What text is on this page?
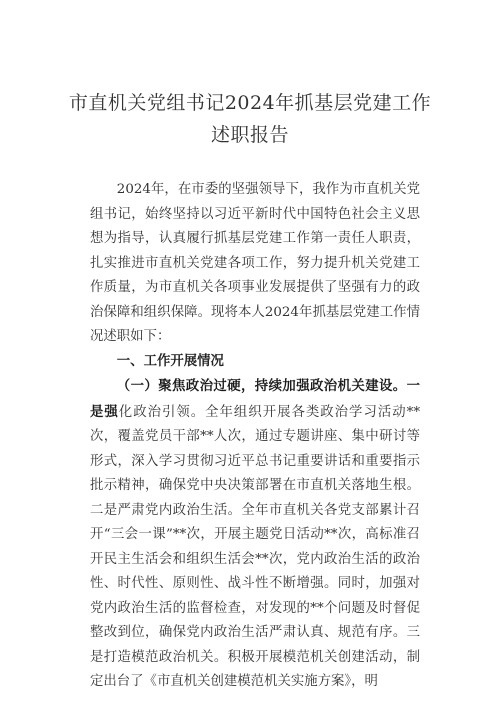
市直机关党组书记2024年抓基层党建工作
述职报告

2024年，在市委的坚强领导下，我作为市直机关党组书记，始终坚持以习近平新时代中国特色社会主义思想为指导，认真履行抓基层党建工作第一责任人职责，扎实推进市直机关党建各项工作，努力提升机关党建工作质量，为市直机关各项事业发展提供了坚强有力的政治保障和组织保障。现将本人2024年抓基层党建工作情况述职如下：

一、工作开展情况

（一）聚焦政治过硬，持续加强政治机关建设。一是强化政治引领。全年组织开展各类政治学习活动**次，覆盖党员干部**人次，通过专题讲座、集中研讨等形式，深入学习贯彻习近平总书记重要讲话和重要指示批示精神，确保党中央决策部署在市直机关落地生根。二是严肃党内政治生活。全年市直机关各党支部累计召开“三会一课”**次，开展主题党日活动**次，高标准召开民主生活会和组织生活会**次，党内政治生活的政治性、时代性、原则性、战斗性不断增强。同时，加强对党内政治生活的监督检查，对发现的**个问题及时督促整改到位，确保党内政治生活严肃认真、规范有序。三是打造模范政治机关。积极开展模范机关创建活动，制定出台了《市直机关创建模范机关实施方案》，明
